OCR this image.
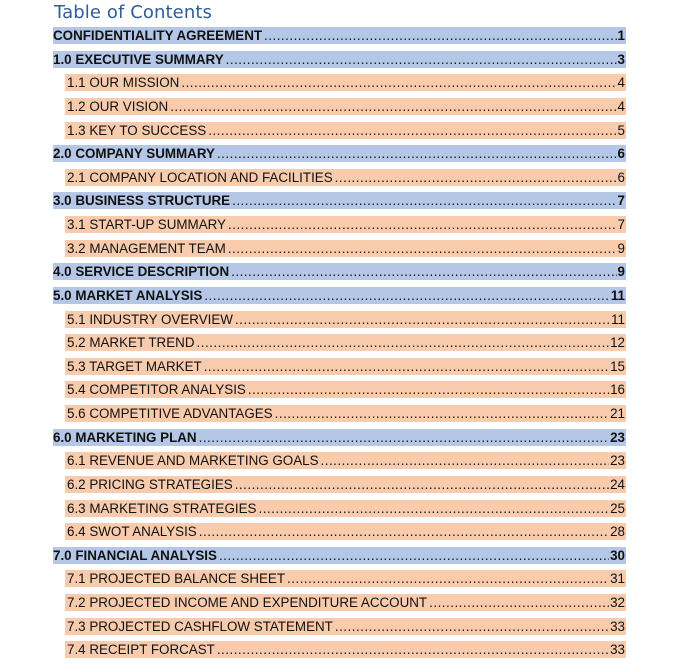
Table of Contents
CONFIDENTIALITY AGREEMENT .....	1
1.0 EXECUTIVE SUMMARY .....	3
1.1 OUR MISSION .....	4
1.2 OUR VISION .....	4
1.3 KEY TO SUCCESS .....	5
2.0 COMPANY SUMMARY .....	6
2.1 COMPANY LOCATION AND FACILITIES .....	6
3.0 BUSINESS STRUCTURE .....	7
3.1 START-UP SUMMARY .....	7
3.2 MANAGEMENT TEAM .....	9
4.0 SERVICE DESCRIPTION .....	9
5.0 MARKET ANALYSIS .....	11
5.1 INDUSTRY OVERVIEW .....	11
5.2 MARKET TREND .....	12
5.3 TARGET MARKET .....	15
5.4 COMPETITOR ANALYSIS .....	16
5.6 COMPETITIVE ADVANTAGES .....	21
6.0 MARKETING PLAN .....	23
6.1 REVENUE AND MARKETING GOALS .....	23
6.2 PRICING STRATEGIES .....	24
6.3 MARKETING STRATEGIES .....	25
6.4 SWOT ANALYSIS .....	28
7.0 FINANCIAL ANALYSIS .....	30
7.1 PROJECTED BALANCE SHEET .....	31
7.2 PROJECTED INCOME AND EXPENDITURE ACCOUNT .....	32
7.3 PROJECTED CASHFLOW STATEMENT .....	33
7.4 RECEIPT FORCAST .....	33
